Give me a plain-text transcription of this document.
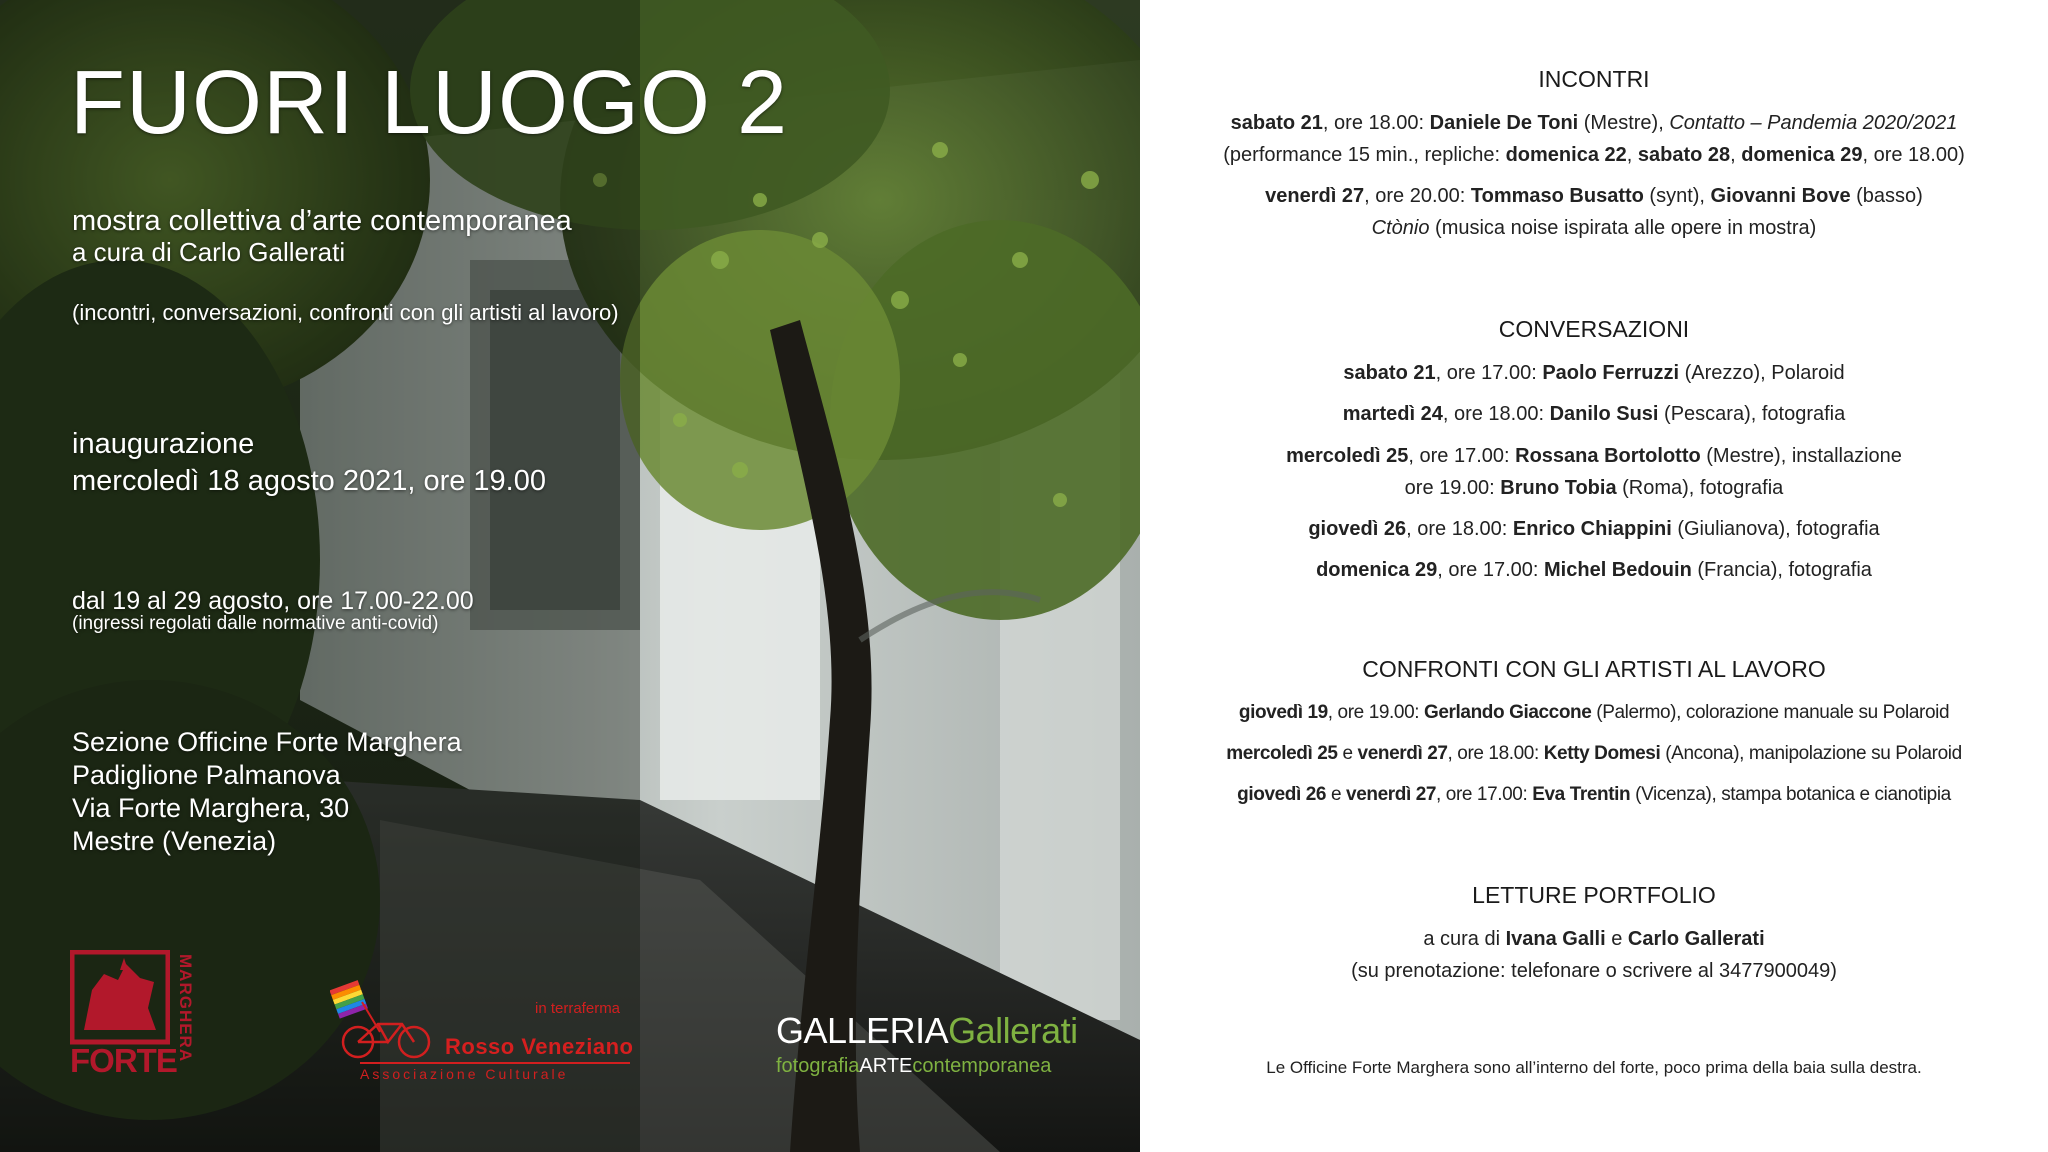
FUORI LUOGO 2
mostra collettiva d’arte contemporanea
a cura di Carlo Gallerati
(incontri, conversazioni, confronti con gli artisti al lavoro)
inaugurazione
mercoledì 18 agosto 2021, ore 19.00
dal 19 al 29 agosto, ore 17.00-22.00
(ingressi regolati dalle normative anti-covid)
Sezione Officine Forte Marghera
Padiglione Palmanova
Via Forte Marghera, 30
Mestre (Venezia)
FORTE MARGHERA	in terraferma
Rosso Veneziano
Associazione Culturale
GALLERIAGallerati
fotografiaARTEcontemporanea
INCONTRI
sabato 21, ore 18.00: Daniele De Toni (Mestre), Contatto – Pandemia 2020/2021
(performance 15 min., repliche: domenica 22, sabato 28, domenica 29, ore 18.00)
venerdì 27, ore 20.00: Tommaso Busatto (synt), Giovanni Bove (basso)
Ctònio (musica noise ispirata alle opere in mostra)
CONVERSAZIONI
sabato 21, ore 17.00: Paolo Ferruzzi (Arezzo), Polaroid
martedì 24, ore 18.00: Danilo Susi (Pescara), fotografia
mercoledì 25, ore 17.00: Rossana Bortolotto (Mestre), installazione
ore 19.00: Bruno Tobia (Roma), fotografia
giovedì 26, ore 18.00: Enrico Chiappini (Giulianova), fotografia
domenica 29, ore 17.00: Michel Bedouin (Francia), fotografia
CONFRONTI CON GLI ARTISTI AL LAVORO
giovedì 19, ore 19.00: Gerlando Giaccone (Palermo), colorazione manuale su Polaroid
mercoledì 25 e venerdì 27, ore 18.00: Ketty Domesi (Ancona), manipolazione su Polaroid
giovedì 26 e venerdì 27, ore 17.00: Eva Trentin (Vicenza), stampa botanica e cianotipia
LETTURE PORTFOLIO
a cura di Ivana Galli e Carlo Gallerati
(su prenotazione: telefonare o scrivere al 3477900049)
Le Officine Forte Marghera sono all’interno del forte, poco prima della baia sulla destra.
